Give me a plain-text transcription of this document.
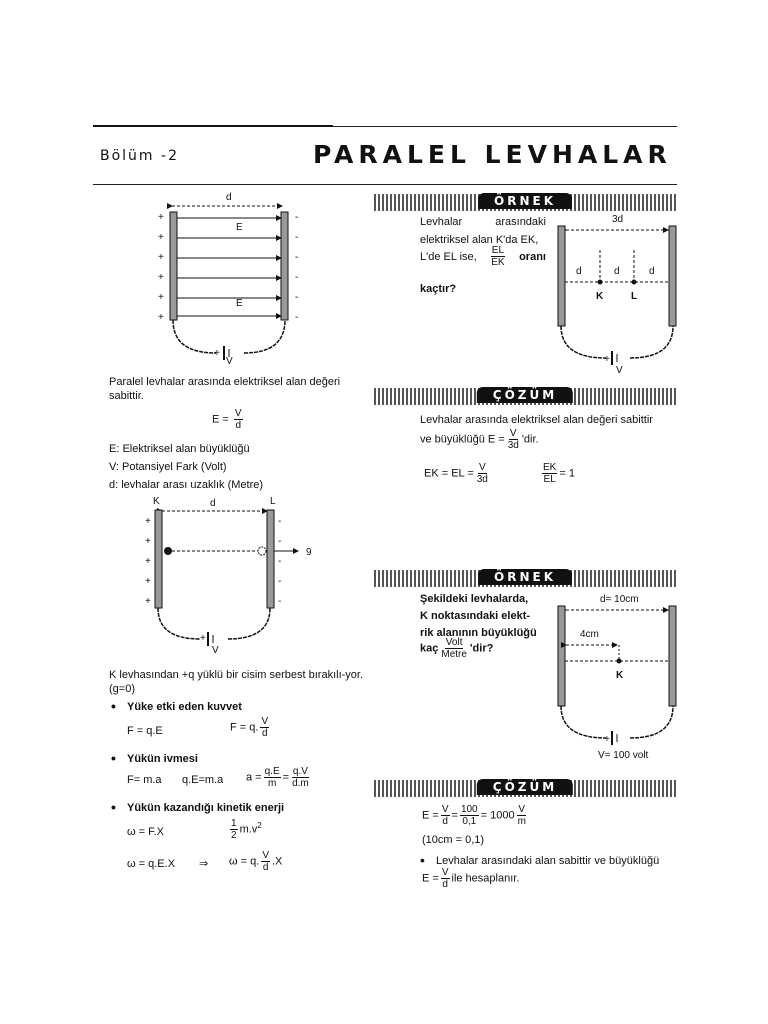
Bölüm -2	PARALEL LEVHALAR
d
E
E
+
+
+
+
+
+
-
-
-
-
-
-
+
V
Paralel levhalar arasında elektriksel alan değeri sabittir.
$E = \frac{V}{d}$
E: Elektriksel alan büyüklüğü
V: Potansiyel Fark (Volt)
d: levhalar arası uzaklık (Metre)
K	L
d
9
+
+
+
+
+
-
-
-
-
-
+
V
K levhasından +q yüklü bir cisim serbest bırakılı-yor. (g=0)
• Yüke etki eden kuvvet
F = q.E	F = q. $\frac{V}{d}$
• Yükün ivmesi
F= m.a q.E=m.a $a = \frac{q.E}{m} = \frac{q.V}{d.m}$
• Yükün kazandığı kinetik enerji
ω = F.X	$\frac{1}{2} m.v^2$
ω = q.E.X ⇒ ω = q. $\frac{V}{d} .X$
ÖRNEK
Levhalar	arasındaki
elektriksel alan K'da EK,
L'de EL ise, $\frac{EL}{EK}$ oranı
kaçtır?
3d
d	d	d
K	L
+
V
ÇÖZÜM
Levhalar arasında elektriksel alan değeri sabittir
ve büyüklüğü $E = \frac{V}{3d}$ 'dir.
EK = EL = $\frac{V}{3d}$	$\frac{EK}{EL} = 1$
ÖRNEK
Şekildeki levhalarda,
K noktasındaki elekt-
rik alanının büyüklüğü
kaç $\frac{\text{Volt}}{\text{Metre}}$ 'dir?
d= 10cm
4cm
K
+
V= 100 volt
ÇÖZÜM
$E = \frac{V}{d} = \frac{100}{0,1} = 1000 \frac{V}{m}$
(10cm = 0,1)
• Levhalar arasındaki alan sabittir ve büyüklüğü
$E = \frac{V}{d}$ ile hesaplanır.
